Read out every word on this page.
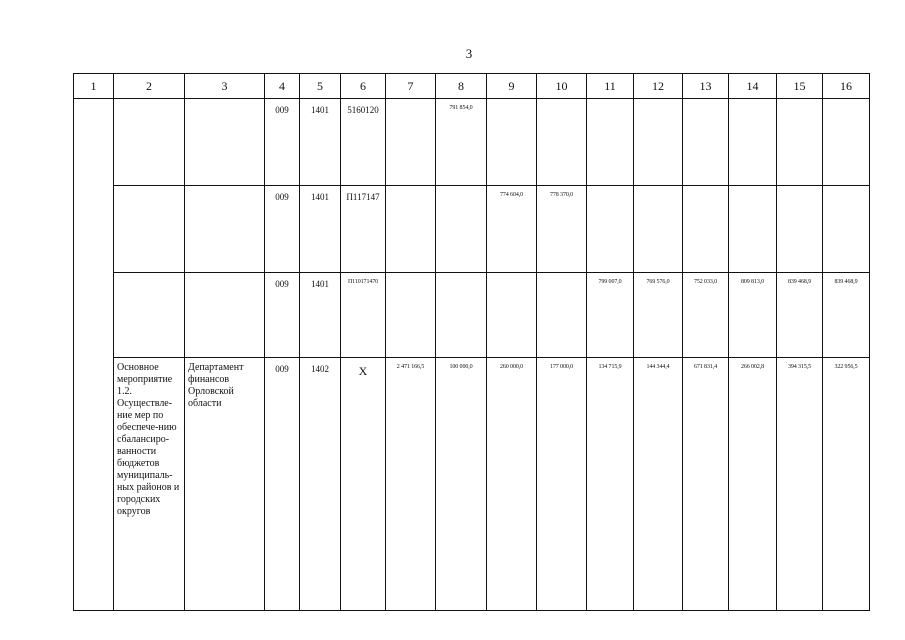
3
1	2	3	4	5	6	7	8	9	10	11	12	13	14	15	16

			009	1401	5160120		791 854,0								

			009	1401	П117147			774 604,0	778 370,0						

			009	1401	П110171470					799 007,0	769 576,0	752 033,0	809 813,0	839 468,9	839 468,9

	Основное мероприятие 1.2. Осуществле-ние мер по обеспече-нию сбалансиро-ванности бюджетов муниципаль-ных районов и городских округов	Департамент финансов Орловской области	009	1402	Х	2 471 166,5	100 000,0	260 000,0	177 000,0	134 715,9	144 344,4	671 831,4	266 002,8	394 315,5	322 956,5
